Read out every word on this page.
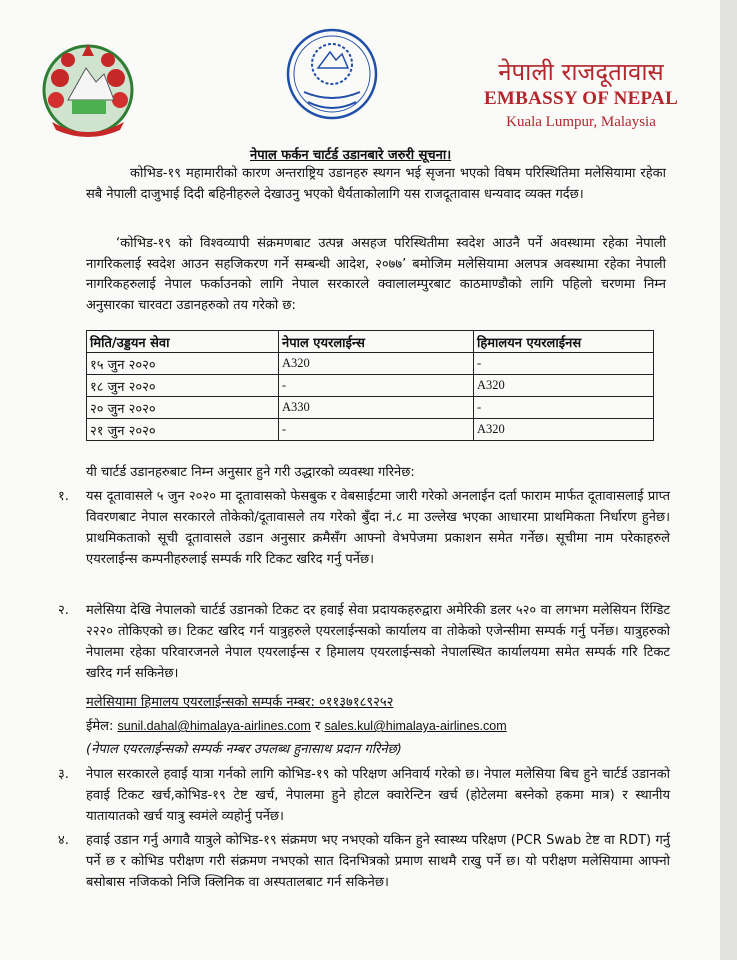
नेपाली राजदूतावास
EMBASSY OF NEPAL
Kuala Lumpur, Malaysia
नेपाल फर्कन चार्टर्ड उडानबारे जरुरी सूचना।

कोभिड-१९ महामारीको कारण अन्तराष्ट्रिय उडानहरु स्थगन भई सृजना भएको विषम परिस्थितिमा मलेसियामा रहेका सबै नेपाली दाजुभाई दिदी बहिनीहरुले देखाउनु भएको धैर्यताकोलागि यस राजदूतावास धन्यवाद व्यक्त गर्दछ।

‘कोभिड-१९ को विश्वव्यापी संक्रमणबाट उत्पन्न असहज परिस्थितीमा स्वदेश आउनै पर्ने अवस्थामा रहेका नेपाली नागरिकलाई स्वदेश आउन सहजिकरण गर्ने सम्बन्धी आदेश, २०७७’ बमोजिम मलेसियामा अलपत्र अवस्थामा रहेका नेपाली नागरिकहरुलाई नेपाल फर्काउनको लागि नेपाल सरकारले क्वालालम्पुरबाट काठमाण्डौको लागि पहिलो चरणमा निम्न अनुसारका चारवटा उडानहरुको तय गरेको छ:

मिति/उड्डयन सेवा	नेपाल एयरलाईन्स	हिमालयन एयरलाईनस
१५ जुन २०२०	A320	-
१८ जुन २०२०	-	A320
२० जुन २०२०	A330	-
२१ जुन २०२०	-	A320
यी चार्टर्ड उडानहरुबाट निम्न अनुसार हुने गरी उद्धारको व्यवस्था गरिनेछ:
१.	यस दूतावासले ५ जुन २०२० मा दूतावासको फेसबुक र वेबसाईटमा जारी गरेको अनलाईन दर्ता फाराम मार्फत दूतावासलाई प्राप्त विवरणबाट नेपाल सरकारले तोकेको/दूतावासले तय गरेको बुँदा नं.८ मा उल्लेख भएका आधारमा प्राथमिकता निर्धारण हुनेछ। प्राथमिकताको सूची दूतावासले उडान अनुसार क्रमैसँग आफ्नो वेभपेजमा प्रकाशन समेत गर्नेछ। सूचीमा नाम परेकाहरुले एयरलाईन्स कम्पनीहरुलाई सम्पर्क गरि टिकट खरिद गर्नु पर्नेछ।
२.	मलेसिया देखि नेपालको चार्टर्ड उडानको टिकट दर हवाई सेवा प्रदायकहरुद्वारा अमेरिकी डलर ५२० वा लगभग मलेसियन रिंग्डिट २२२० तोकिएको छ। टिकट खरिद गर्न यात्रुहरुले एयरलाईन्सको कार्यालय वा तोकेको एजेन्सीमा सम्पर्क गर्नु पर्नेछ। यात्रुहरुको नेपालमा रहेका परिवारजनले नेपाल एयरलाईन्स र हिमालय एयरलाईन्सको नेपालस्थित कार्यालयमा समेत सम्पर्क गरि टिकट खरिद गर्न सकिनेछ।
मलेसियामा हिमालय एयरलाईन्सको सम्पर्क नम्बर: ०११३७१८९२५२
ईमेल: sunil.dahal@himalaya-airlines.com र sales.kul@himalaya-airlines.com
(नेपाल एयरलाईन्सको सम्पर्क नम्बर उपलब्ध हुनासाथ प्रदान गरिनेछ)
३.	नेपाल सरकारले हवाई यात्रा गर्नको लागि कोभिड-१९ को परिक्षण अनिवार्य गरेको छ। नेपाल मलेसिया बिच हुने चार्टर्ड उडानको हवाई टिकट खर्च,कोभिड-१९ टेष्ट खर्च, नेपालमा हुने होटल क्वारेन्टिन खर्च (होटेलमा बस्नेको हकमा मात्र) र स्थानीय यातायातको खर्च यात्रु स्वमंले व्यहोर्नु पर्नेछ।
४.	हवाई उडान गर्नु अगावै यात्रुले कोभिड-१९ संक्रमण भए नभएको यकिन हुने स्वास्थ्य परिक्षण (PCR Swab टेष्ट वा RDT) गर्नु पर्ने छ र कोभिड परीक्षण गरी संक्रमण नभएको सात दिनभित्रको प्रमाण साथमै राखु पर्ने छ। यो परीक्षण मलेसियामा आफ्नो बसोबास नजिकको निजि क्लिनिक वा अस्पतालबाट गर्न सकिनेछ।
